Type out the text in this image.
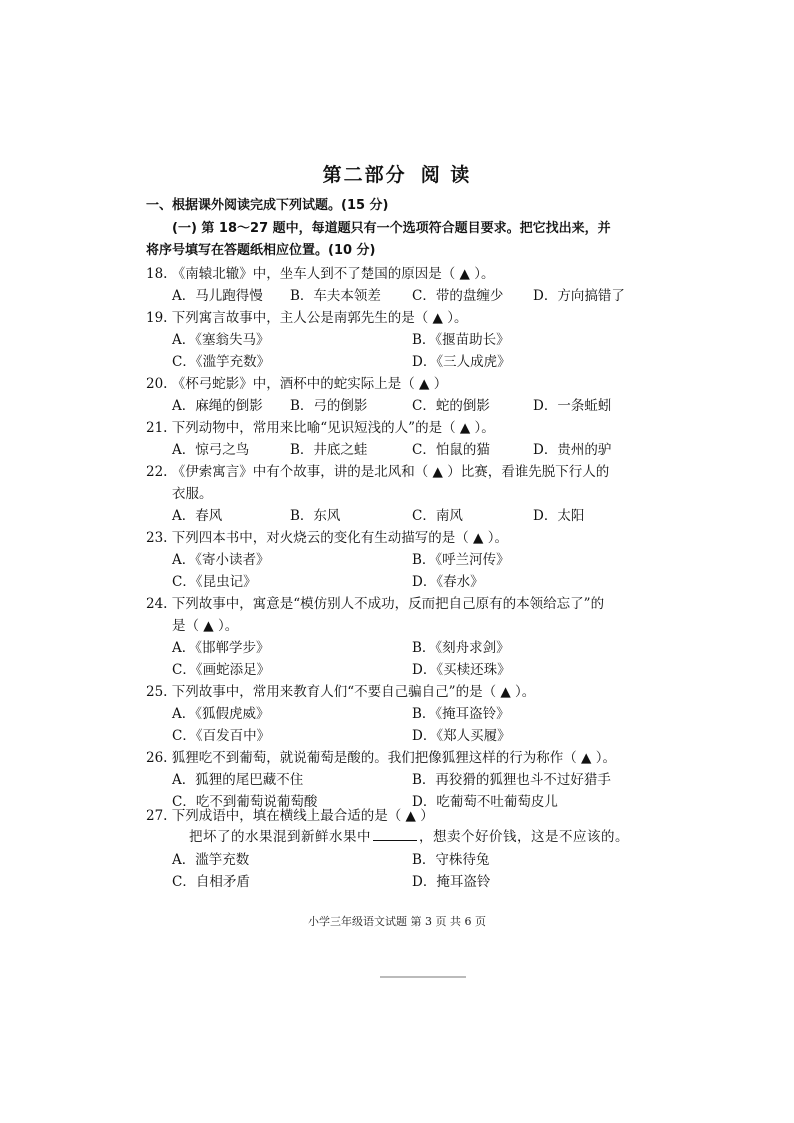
第二部分 阅 读
一、根据课外阅读完成下列试题。(15 分)
(一) 第 18～27 题中，每道题只有一个选项符合题目要求。把它找出来，并
将序号填写在答题纸相应位置。(10 分)
18. 《南辕北辙》中，坐车人到不了楚国的原因是（ ▲ ）。
A．马儿跑得慢 B．车夫本领差 C．带的盘缠少 D．方向搞错了
19. 下列寓言故事中，主人公是南郭先生的是（ ▲ ）。
A．《塞翁失马》	B．《揠苗助长》
C．《滥竽充数》	D．《三人成虎》
20. 《杯弓蛇影》中，酒杯中的蛇实际上是（ ▲ ）
A．麻绳的倒影 B．弓的倒影	C．蛇的倒影	D．一条蚯蚓
21. 下列动物中，常用来比喻“见识短浅的人”的是（ ▲ ）。
A．惊弓之鸟	B．井底之蛙	C．怕鼠的猫	D．贵州的驴
22. 《伊索寓言》中有个故事，讲的是北风和（ ▲ ）比赛，看谁先脱下行人的
衣服。
A．春风	B．东风	C．南风	D．太阳
23. 下列四本书中，对火烧云的变化有生动描写的是（ ▲ ）。
A．《寄小读者》	B．《呼兰河传》
C．《昆虫记》	D．《春水》
24. 下列故事中，寓意是“模仿别人不成功，反而把自己原有的本领给忘了”的
是（ ▲ ）。
A．《邯郸学步》	B．《刻舟求剑》
C．《画蛇添足》	D．《买椟还珠》
25. 下列故事中，常用来教育人们“不要自己骗自己”的是（ ▲ ）。
A．《狐假虎威》	B．《掩耳盗铃》
C．《百发百中》	D．《郑人买履》
26. 狐狸吃不到葡萄，就说葡萄是酸的。我们把像狐狸这样的行为称作（ ▲ ）。
A．狐狸的尾巴藏不住	B．再狡猾的狐狸也斗不过好猎手
C．吃不到葡萄说葡萄酸	D．吃葡萄不吐葡萄皮儿
27. 下列成语中，填在横线上最合适的是（ ▲ ）
把坏了的水果混到新鲜水果中	，想卖个好价钱，这是不应该的。
A．滥竽充数	B．守株待兔
C．自相矛盾	D．掩耳盗铃
小学三年级语文试题 第 3 页 共 6 页
